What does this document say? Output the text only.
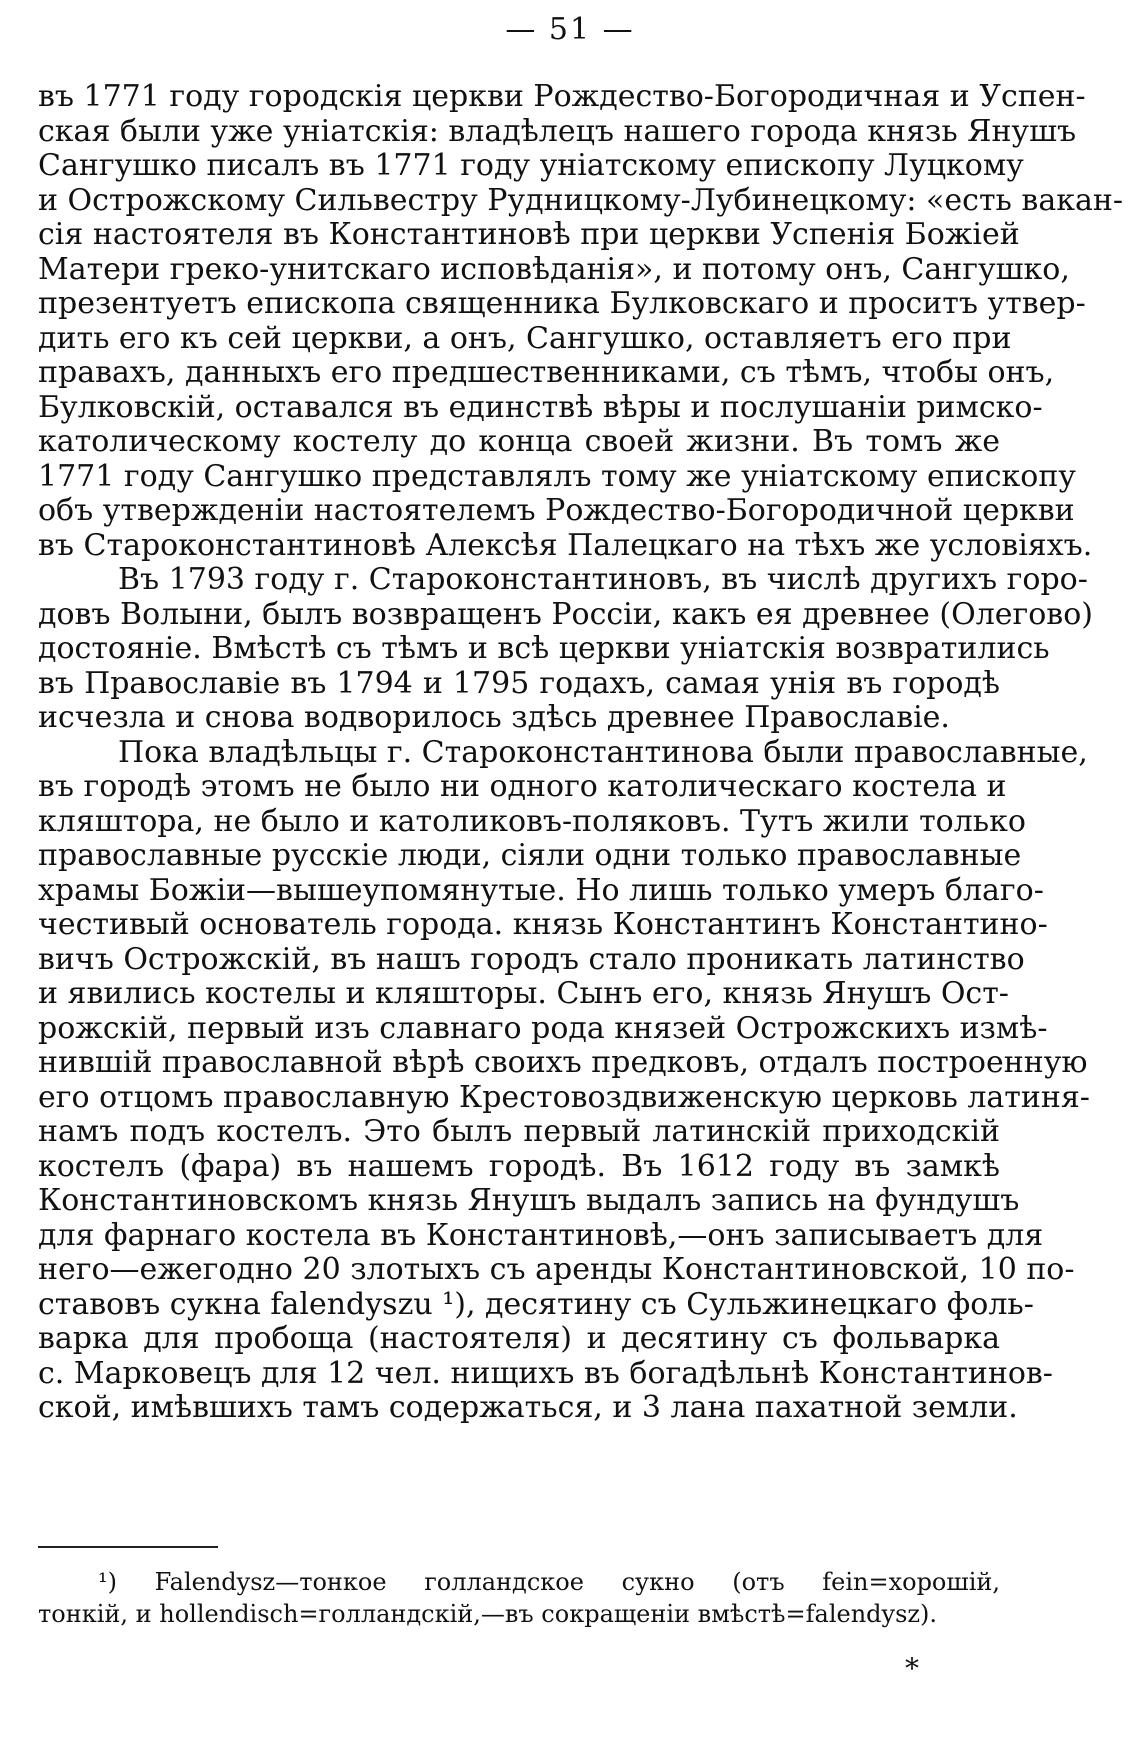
— 51 —
въ 1771 году городскія церкви Рождество-Богородичная и Успен-
ская были уже уніатскія: владѣлецъ нашего города князь Янушъ
Сангушко писалъ въ 1771 году уніатскому епископу Луцкому
и Острожскому Сильвестру Рудницкому-Лубинецкому: «есть вакан-
сія настоятеля въ Константиновѣ при церкви Успенія Божіей
Матери греко-унитскаго исповѣданія», и потому онъ, Сангушко,
презентуетъ епископа священника Булковскаго и проситъ утвер-
дить его къ сей церкви, а онъ, Сангушко, оставляетъ его при
правахъ, данныхъ его предшественниками, съ тѣмъ, чтобы онъ,
Булковскій, оставался въ единствѣ вѣры и послушаніи римско-
католическому костелу до конца своей жизни. Въ томъ же
1771 году Сангушко представлялъ тому же уніатскому епископу
объ утвержденіи настоятелемъ Рождество-Богородичной церкви
въ Староконстантиновѣ Алексѣя Палецкаго на тѣхъ же условіяхъ.
Въ 1793 году г. Староконстантиновъ, въ числѣ другихъ горо-
довъ Волыни, былъ возвращенъ Россіи, какъ ея древнее (Олегово)
достояніе. Вмѣстѣ съ тѣмъ и всѣ церкви уніатскія возвратились
въ Православіе въ 1794 и 1795 годахъ, самая унія въ городѣ
исчезла и снова водворилось здѣсь древнее Православіе.
Пока владѣльцы г. Староконстантинова были православные,
въ городѣ этомъ не было ни одного католическаго костела и
кляштора, не было и католиковъ-поляковъ. Тутъ жили только
православные русскіе люди, сіяли одни только православные
храмы Божіи—вышеупомянутые. Но лишь только умеръ благо-
честивый основатель города. князь Константинъ Константино-
вичъ Острожскій, въ нашъ городъ стало проникать латинство
и явились костелы и кляшторы. Сынъ его, князь Янушъ Ост-
рожскій, первый изъ славнаго рода князей Острожскихъ измѣ-
нившій православной вѣрѣ своихъ предковъ, отдалъ построенную
его отцомъ православную Крестовоздвиженскую церковь латиня-
намъ подъ костелъ. Это былъ первый латинскій приходскій
костелъ (фара) въ нашемъ городѣ. Въ 1612 году въ замкѣ
Константиновскомъ князь Янушъ выдалъ запись на фундушъ
для фарнаго костела въ Константиновѣ,—онъ записываетъ для
него—ежегодно 20 злотыхъ съ аренды Константиновской, 10 по-
ставовъ сукна falendyszu ¹), десятину съ Сульжинецкаго фоль-
варка для пробоща (настоятеля) и десятину съ фольварка
с. Марковецъ для 12 чел. нищихъ въ богадѣльнѣ Константинов-
ской, имѣвшихъ тамъ содержаться, и 3 лана пахатной земли.
¹) Falendysz—тонкое голландское сукно (отъ fein=хорошій,
тонкій, и hollendisch=голландскій,—въ сокращеніи вмѣстѣ=falendysz).
*
